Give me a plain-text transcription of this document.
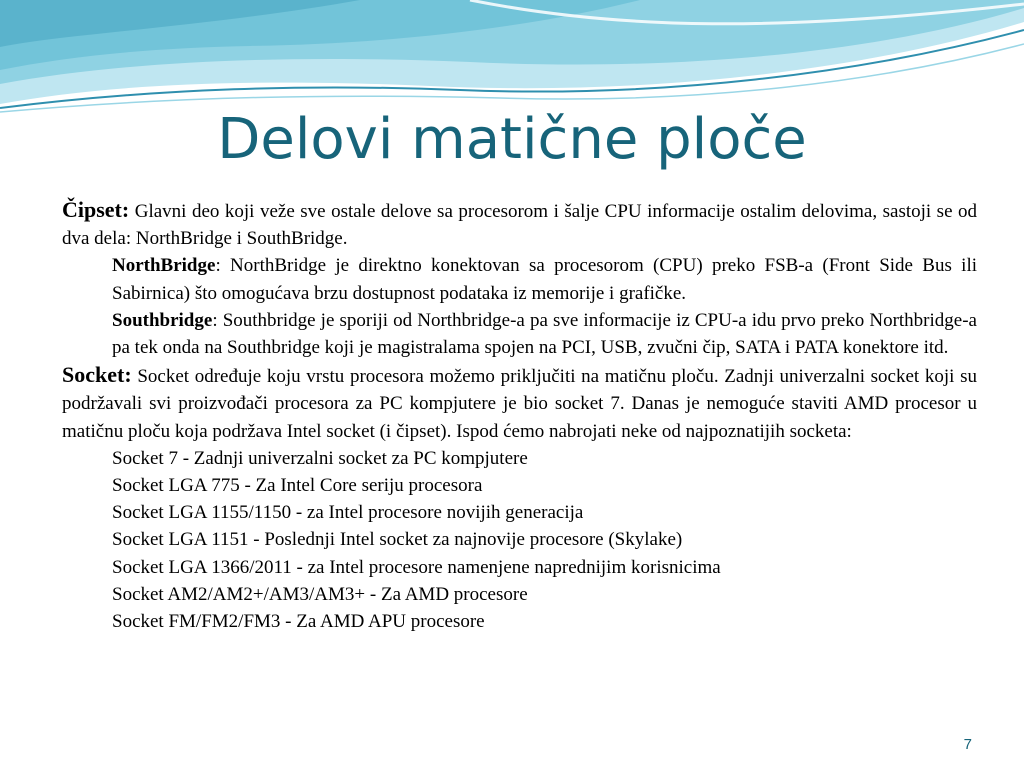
Delovi matične ploče

Čipset: Glavni deo koji veže sve ostale delove sa procesorom i šalje CPU informacije ostalim delovima, sastoji se od dva dela: NorthBridge i SouthBridge.

NorthBridge: NorthBridge je direktno konektovan sa procesorom (CPU) preko FSB-a (Front Side Bus ili Sabirnica) što omogućava brzu dostupnost podataka iz memorije i grafičke.

Southbridge: Southbridge je sporiji od Northbridge-a pa sve informacije iz CPU-a idu prvo preko Northbridge-a pa tek onda na Southbridge koji je magistralama spojen na PCI, USB, zvučni čip, SATA i PATA konektore itd.

Socket: Socket određuje koju vrstu procesora možemo priključiti na matičnu ploču. Zadnji univerzalni socket koji su podržavali svi proizvođači procesora za PC kompjutere je bio socket 7. Danas je nemoguće staviti AMD procesor u matičnu ploču koja podržava Intel socket (i čipset). Ispod ćemo nabrojati neke od najpoznatijih socketa:

Socket 7 - Zadnji univerzalni socket za PC kompjutere

Socket LGA 775 - Za Intel Core seriju procesora

Socket LGA 1155/1150 - za Intel procesore novijih generacija

Socket LGA 1151 - Poslednji Intel socket za najnovije procesore (Skylake)

Socket LGA 1366/2011 - za Intel procesore namenjene naprednijim korisnicima

Socket AM2/AM2+/AM3/AM3+ - Za AMD procesore

Socket FM/FM2/FM3 - Za AMD APU procesore

7
